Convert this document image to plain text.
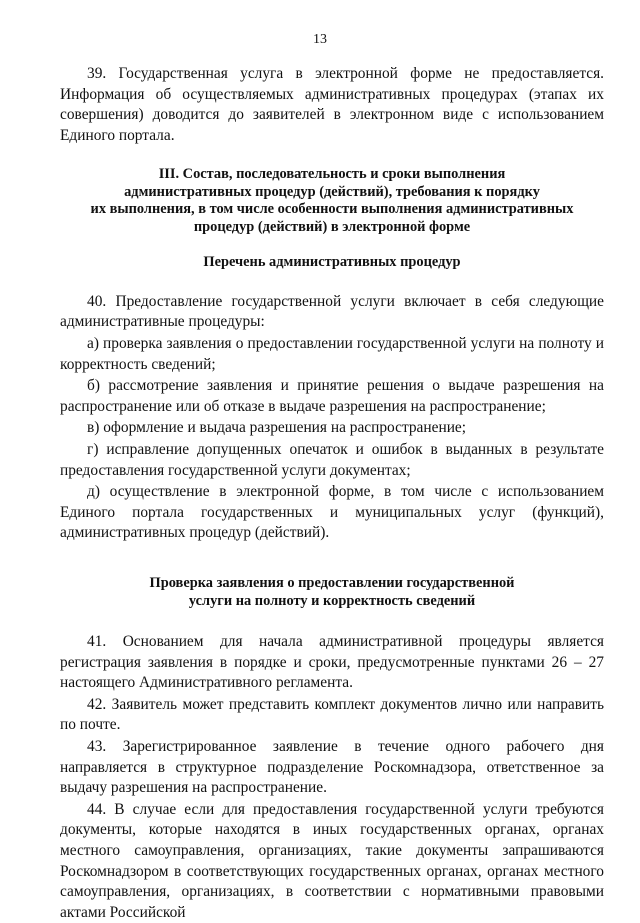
13

39. Государственная услуга в электронной форме не предоставляется. Информация об осуществляемых административных процедурах (этапах их совершения) доводится до заявителей в электронном виде с использованием Единого портала.

III. Состав, последовательность и сроки выполнения
административных процедур (действий), требования к порядку
их выполнения, в том числе особенности выполнения административных
процедур (действий) в электронной форме
Перечень административных процедур

40. Предоставление государственной услуги включает в себя следующие административные процедуры:

а) проверка заявления о предоставлении государственной услуги на полноту и корректность сведений;

б) рассмотрение заявления и принятие решения о выдаче разрешения на распространение или об отказе в выдаче разрешения на распространение;

в) оформление и выдача разрешения на распространение;

г) исправление допущенных опечаток и ошибок в выданных в результате предоставления государственной услуги документах;

д) осуществление в электронной форме, в том числе с использованием Единого портала государственных и муниципальных услуг (функций), административных процедур (действий).

Проверка заявления о предоставлении государственной
услуги на полноту и корректность сведений

41. Основанием для начала административной процедуры является регистрация заявления в порядке и сроки, предусмотренные пунктами 26 – 27 настоящего Административного регламента.

42. Заявитель может представить комплект документов лично или направить по почте.

43. Зарегистрированное заявление в течение одного рабочего дня направляется в структурное подразделение Роскомнадзора, ответственное за выдачу разрешения на распространение.

44. В случае если для предоставления государственной услуги требуются документы, которые находятся в иных государственных органах, органах местного самоуправления, организациях, такие документы запрашиваются Роскомнадзором в соответствующих государственных органах, органах местного самоуправления, организациях, в соответствии с нормативными правовыми актами Российской
